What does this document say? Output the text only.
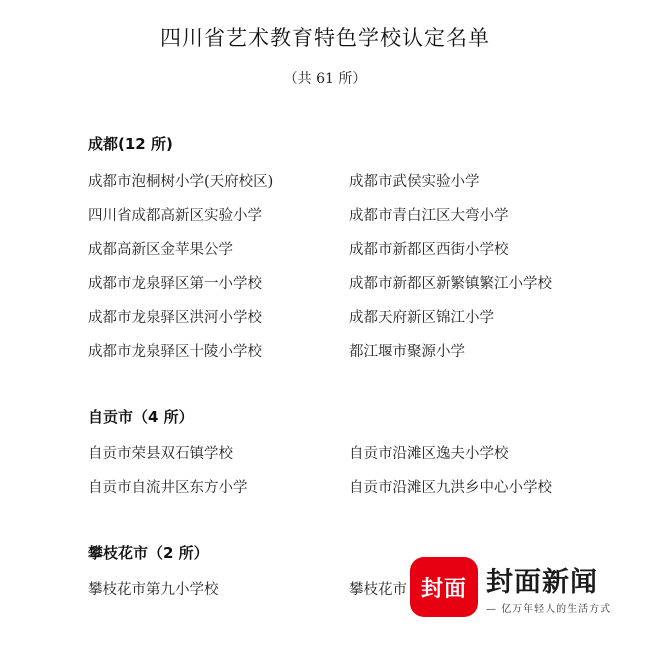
四川省艺术教育特色学校认定名单
（共 61 所）
成都(12 所)
成都市泡桐树小学(天府校区)
四川省成都高新区实验小学
成都高新区金苹果公学
成都市龙泉驿区第一小学校
成都市龙泉驿区洪河小学校
成都市龙泉驿区十陵小学校
成都市武侯实验小学
成都市青白江区大弯小学
成都市新都区西街小学校
成都市新都区新繁镇繁江小学校
成都天府新区锦江小学
都江堰市聚源小学
自贡市（4 所）
自贡市荣县双石镇学校
自贡市自流井区东方小学
自贡市沿滩区逸夫小学校
自贡市沿滩区九洪乡中心小学校
攀枝花市（2 所）
攀枝花市第九小学校	攀枝花市 封面 封面新闻
— 亿万年轻人的生活方式
